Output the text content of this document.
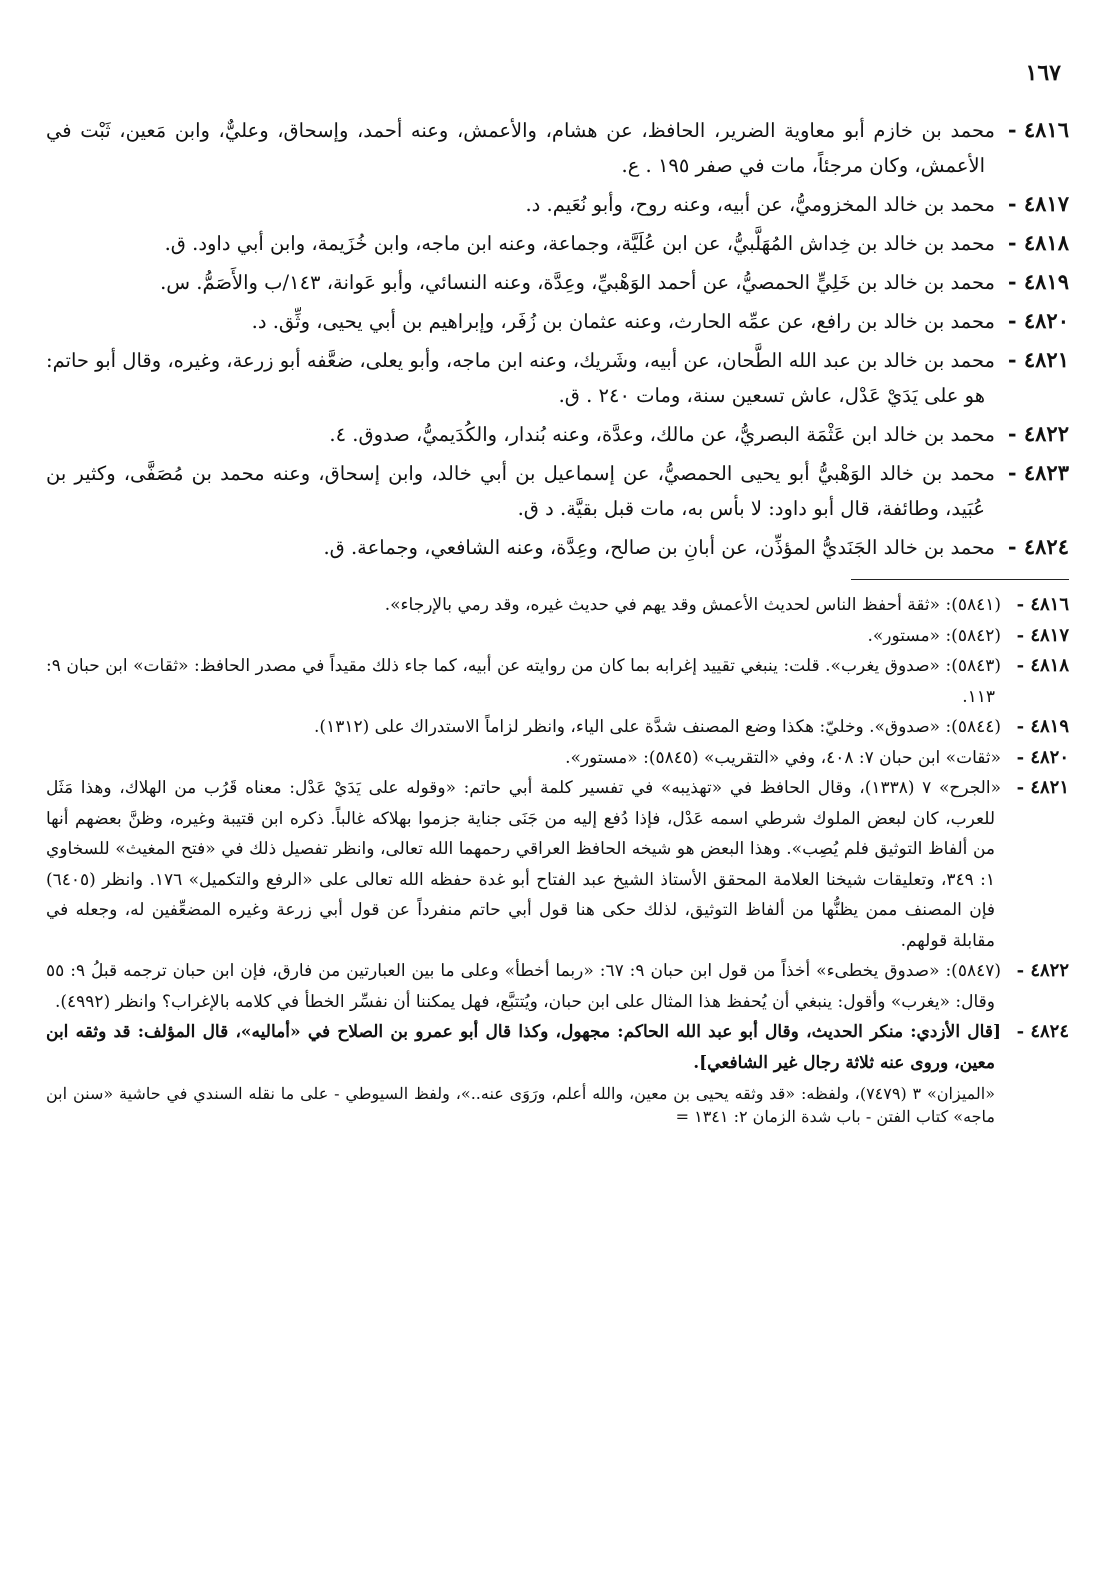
١٦٧
٤٨١٦ -محمد بن خازم أبو معاوية الضرير، الحافظ، عن هشام، والأعمش، وعنه أحمد، وإسحاق، وعليٌّ، وابن مَعين، ثَبْت في الأعمش، وكان مرجئاً، مات في صفر ١٩٥ . ع.
٤٨١٧ -محمد بن خالد المخزوميُّ، عن أبيه، وعنه روح، وأبو نُعَيم. د.
٤٨١٨ -محمد بن خالد بن خِداش المُهَلَّبيُّ، عن ابن عُلَيَّة، وجماعة، وعنه ابن ماجه، وابن خُزَيمة، وابن أبي داود. ق.
٤٨١٩ -محمد بن خالد بن خَلِيٍّ الحمصيُّ، عن أحمد الوَهْبيِّ، وعِدَّة، وعنه النسائي، وأبو عَوانة، ١٤٣/ب والأَصَمُّ. س.
٤٨٢٠ -محمد بن خالد بن رافع، عن عمِّه الحارث، وعنه عثمان بن زُفَر، وإبراهيم بن أبي يحيى، وثِّق. د.
٤٨٢١ -محمد بن خالد بن عبد الله الطَّحان، عن أبيه، وشَريك، وعنه ابن ماجه، وأبو يعلى، ضعَّفه أبو زرعة، وغيره، وقال أبو حاتم: هو على يَدَيْ عَدْل، عاش تسعين سنة، ومات ٢٤٠ . ق.
٤٨٢٢ -محمد بن خالد ابن عَثْمَة البصريُّ، عن مالك، وعدَّة، وعنه بُندار، والكُدَيميُّ، صدوق. ٤.
٤٨٢٣ -محمد بن خالد الوَهْبيُّ أبو يحيى الحمصيُّ، عن إسماعيل بن أبي خالد، وابن إسحاق، وعنه محمد بن مُصَفَّى، وكثير بن عُبَيد، وطائفة، قال أبو داود: لا بأس به، مات قبل بقيَّة. د ق.
٤٨٢٤ -محمد بن خالد الجَنَديُّ المؤذِّن، عن أبانِ بن صالح، وعِدَّة، وعنه الشافعي، وجماعة. ق.
٤٨١٦ -(٥٨٤١): «ثقة أحفظ الناس لحديث الأعمش وقد يهم في حديث غيره، وقد رمي بالإرجاء».
٤٨١٧ -(٥٨٤٢): «مستور».
٤٨١٨ -(٥٨٤٣): «صدوق يغرب». قلت: ينبغي تقييد إغرابه بما كان من روايته عن أبيه، كما جاء ذلك مقيداً في مصدر الحافظ: «ثقات» ابن حبان ٩: ١١٣.
٤٨١٩ -(٥٨٤٤): «صدوق». وخليّ: هكذا وضع المصنف شدَّة على الياء، وانظر لزاماً الاستدراك على (١٣١٢).
٤٨٢٠ -«ثقات» ابن حبان ٧: ٤٠٨، وفي «التقريب» (٥٨٤٥): «مستور».
٤٨٢١ -«الجرح» ٧ (١٣٣٨)، وقال الحافظ في «تهذيبه» في تفسير كلمة أبي حاتم: «وقوله على يَدَيْ عَدْل: معناه قَرُب من الهلاك، وهذا مَثَل للعرب، كان لبعض الملوك شرطي اسمه عَدْل، فإذا دُفع إليه من جَنَى جناية جزموا بهلاكه غالباً. ذكره ابن قتيبة وغيره، وظنَّ بعضهم أنها من ألفاظ التوثيق فلم يُصِب». وهذا البعض هو شيخه الحافظ العراقي رحمهما الله تعالى، وانظر تفصيل ذلك في «فتح المغيث» للسخاوي ١: ٣٤٩، وتعليقات شيخنا العلامة المحقق الأستاذ الشيخ عبد الفتاح أبو غدة حفظه الله تعالى على «الرفع والتكميل» ١٧٦. وانظر (٦٤٠٥) فإن المصنف ممن يظنُّها من ألفاظ التوثيق، لذلك حكى هنا قول أبي حاتم منفرداً عن قول أبي زرعة وغيره المضعِّفين له، وجعله في مقابلة قولهم.
٤٨٢٢ -(٥٨٤٧): «صدوق يخطىء» أخذاً من قول ابن حبان ٩: ٦٧: «ربما أخطأ» وعلى ما بين العبارتين من فارق، فإن ابن حبان ترجمه قبلُ ٩: ٥٥ وقال: «يغرب» وأقول: ينبغي أن يُحفظ هذا المثال على ابن حبان، ويُتتبَّع، فهل يمكننا أن نفسِّر الخطأ في كلامه بالإغراب؟ وانظر (٤٩٩٢).
٤٨٢٤ -[قال الأزدي: منكر الحديث، وقال أبو عبد الله الحاكم: مجهول، وكذا قال أبو عمرو بن الصلاح في «أماليه»، قال المؤلف: قد وثقه ابن معين، وروى عنه ثلاثة رجال غير الشافعي].
«الميزان» ٣ (٧٤٧٩)، ولفظه: «قد وثقه يحيى بن معين، والله أعلم، ورَوَى عنه..»، ولفظ السيوطي - على ما نقله السندي في حاشية «سنن ابن ماجه» كتاب الفتن - باب شدة الزمان ٢: ١٣٤١ =
